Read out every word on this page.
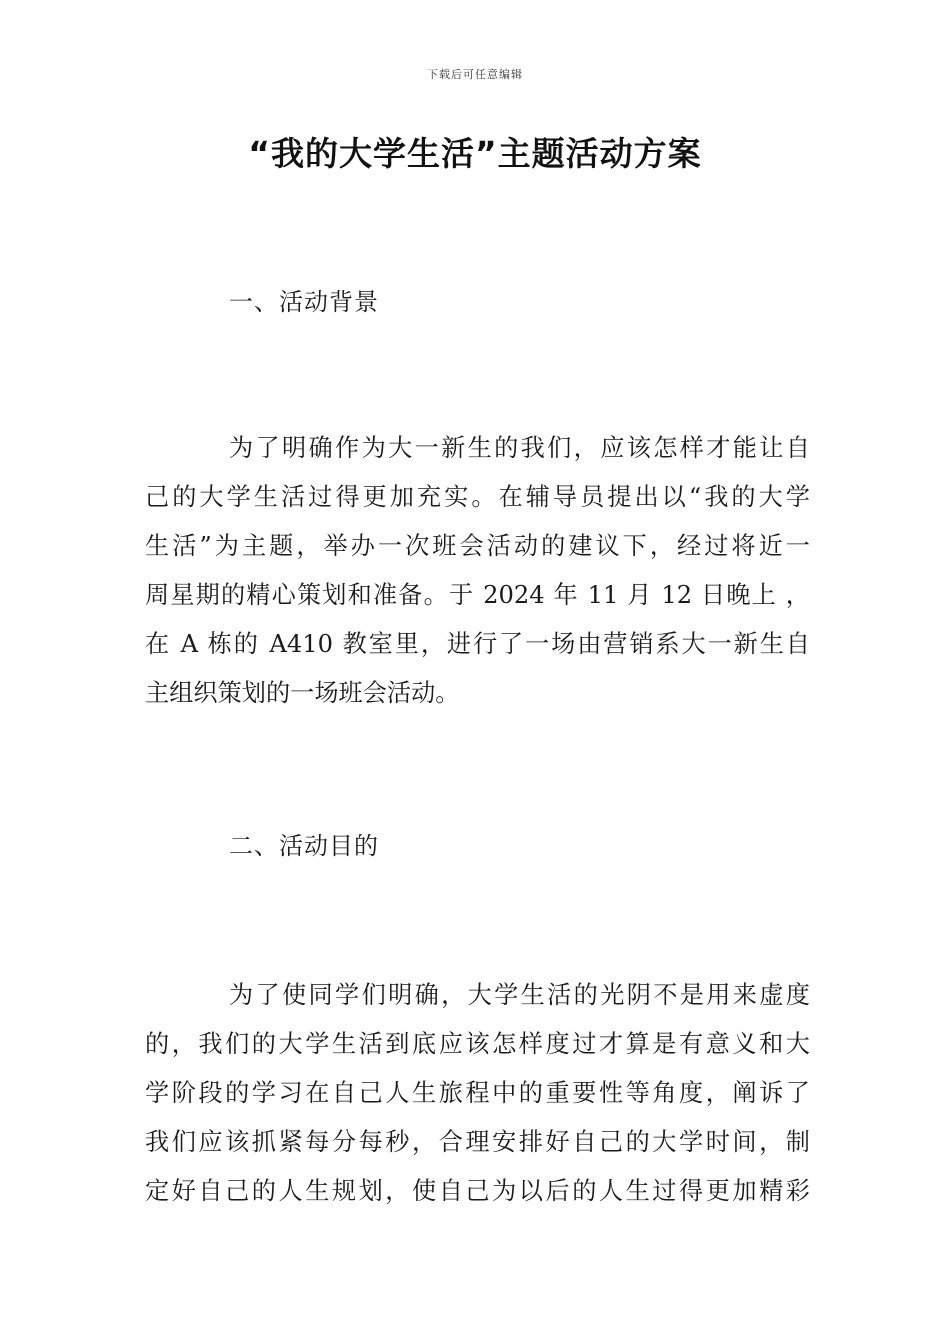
下载后可任意编辑
“我的大学生活”主题活动方案
一、活动背景
为了明确作为大一新生的我们，应该怎样才能让自
己的大学生活过得更加充实。在辅导员提出以“我的大学
生活”为主题，举办一次班会活动的建议下，经过将近一
周星期的精心策划和准备。于 2024 年 11 月 12 日晚上 ，
在 A 栋的 A410 教室里，进行了一场由营销系大一新生自
主组织策划的一场班会活动。
二、活动目的
为了使同学们明确，大学生活的光阴不是用来虚度
的，我们的大学生活到底应该怎样度过才算是有意义和大
学阶段的学习在自己人生旅程中的重要性等角度，阐诉了
我们应该抓紧每分每秒，合理安排好自己的大学时间，制
定好自己的人生规划，使自己为以后的人生过得更加精彩
